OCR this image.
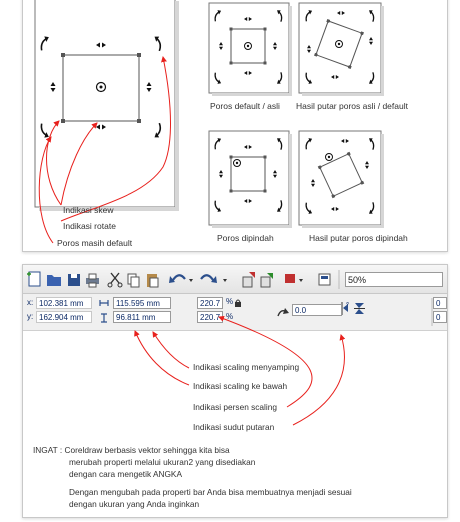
Poros default / asli Hasil putar poros asli / default
Poros dipindah	Hasil putar poros dipindah
Indikasi skew
Indikasi rotate
Poros masih default
50%
x: 102.381 mm
y: 162.904 mm
115.595 mm
96.811 mm
220.7
220.7
%
%
0.0
°	0
0
Indikasi scaling menyamping
Indikasi scaling ke bawah
Indikasi persen scaling
Indikasi sudut putaran
INGAT : Coreldraw berbasis vektor sehingga kita bisa
merubah properti melalui ukuran2 yang disediakan
dengan cara mengetik ANGKA
Dengan mengubah pada properti bar Anda bisa membuatnya menjadi sesuai
dengan ukuran yang Anda inginkan
